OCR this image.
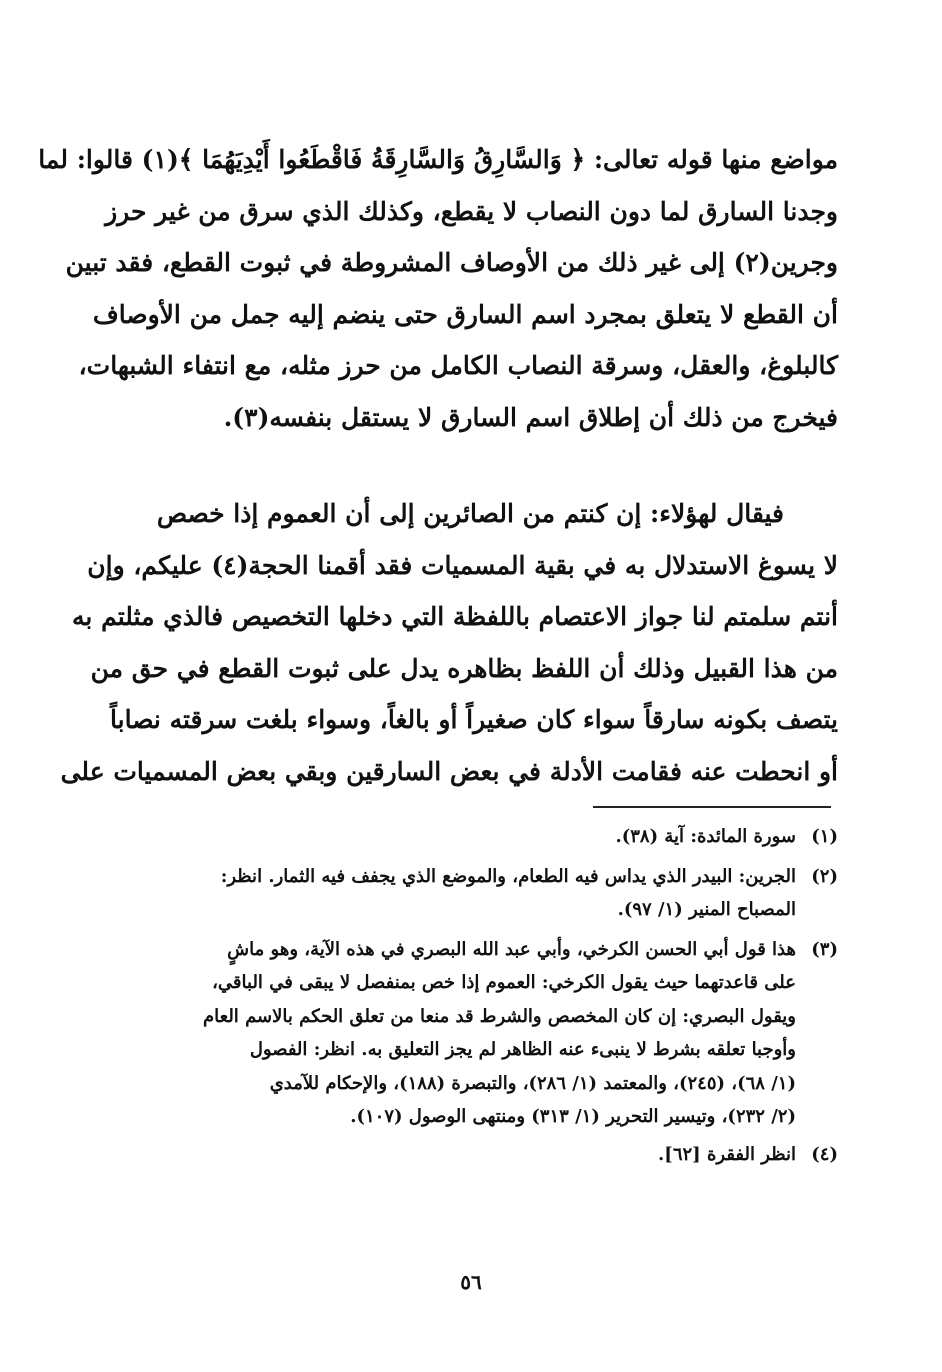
مواضع منها قوله تعالى: ﴿ وَالسَّارِقُ وَالسَّارِقَةُ فَاقْطَعُوا أَيْدِيَهُمَا ﴾(١) قالوا: لما
وجدنا السارق لما دون النصاب لا يقطع، وكذلك الذي سرق من غير حرز
وجرين(٢) إلى غير ذلك من الأوصاف المشروطة في ثبوت القطع، فقد تبين
أن القطع لا يتعلق بمجرد اسم السارق حتى ينضم إليه جمل من الأوصاف
كالبلوغ، والعقل، وسرقة النصاب الكامل من حرز مثله، مع انتفاء الشبهات،
فيخرج من ذلك أن إطلاق اسم السارق لا يستقل بنفسه(٣).
فيقال لهؤلاء: إن كنتم من الصائرين إلى أن العموم إذا خصص
لا يسوغ الاستدلال به في بقية المسميات فقد أقمنا الحجة(٤) عليكم، وإن
أنتم سلمتم لنا جواز الاعتصام باللفظة التي دخلها التخصيص فالذي مثلتم به
من هذا القبيل وذلك أن اللفظ بظاهره يدل على ثبوت القطع في حق من
يتصف بكونه سارقاً سواء كان صغيراً أو بالغاً، وسواء بلغت سرقته نصاباً
أو انحطت عنه فقامت الأدلة في بعض السارقين وبقي بعض المسميات على
(١)
سورة المائدة: آية (٣٨).
(٢)
الجرين: البيدر الذي يداس فيه الطعام، والموضع الذي يجفف فيه الثمار. انظر:
المصباح المنير (١/ ٩٧).
(٣)
هذا قول أبي الحسن الكرخي، وأبي عبد الله البصري في هذه الآية، وهو ماشٍ
على قاعدتهما حيث يقول الكرخي: العموم إذا خص بمنفصل لا يبقى في الباقي،
ويقول البصري: إن كان المخصص والشرط قد منعا من تعلق الحكم بالاسم العام
وأوجبا تعلقه بشرط لا ينبىء عنه الظاهر لم يجز التعليق به. انظر: الفصول
(١/ ٦٨)، (٢٤٥)، والمعتمد (١/ ٢٨٦)، والتبصرة (١٨٨)، والإحكام للآمدي
(٢/ ٢٣٢)، وتيسير التحرير (١/ ٣١٣) ومنتهى الوصول (١٠٧).
(٤)
انظر الفقرة [٦٢].
٥٦
